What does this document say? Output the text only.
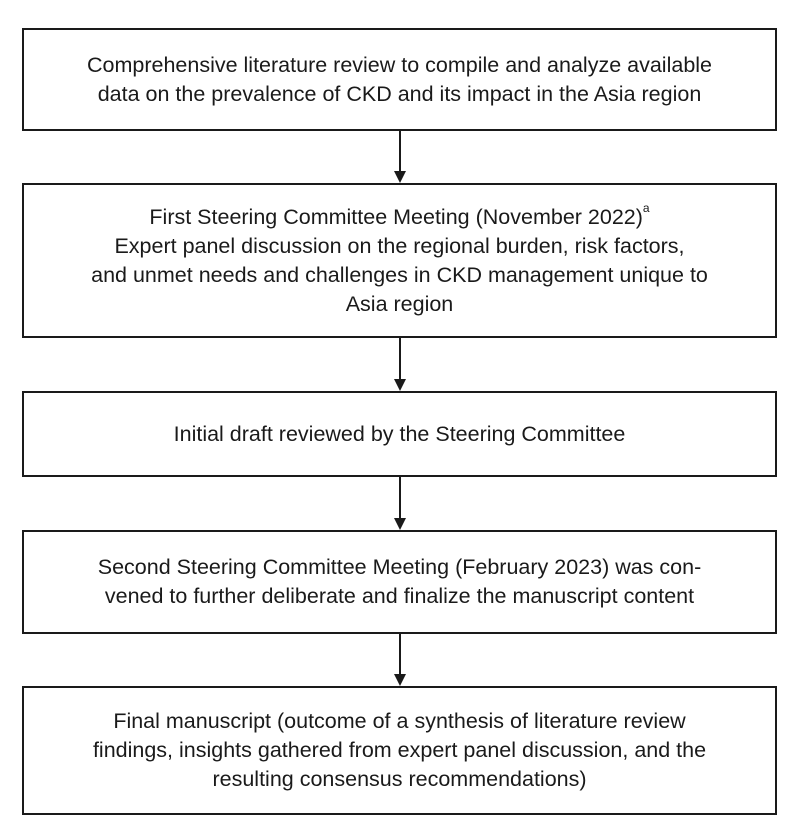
Comprehensive literature review to compile and analyze available
data on the prevalence of CKD and its impact in the Asia region
First Steering Committee Meeting (November 2022)$^a$
Expert panel discussion on the regional burden, risk factors,
and unmet needs and challenges in CKD management unique to
Asia region
Initial draft reviewed by the Steering Committee
Second Steering Committee Meeting (February 2023) was con-
vened to further deliberate and finalize the manuscript content
Final manuscript (outcome of a synthesis of literature review
findings, insights gathered from expert panel discussion, and the
resulting consensus recommendations)
